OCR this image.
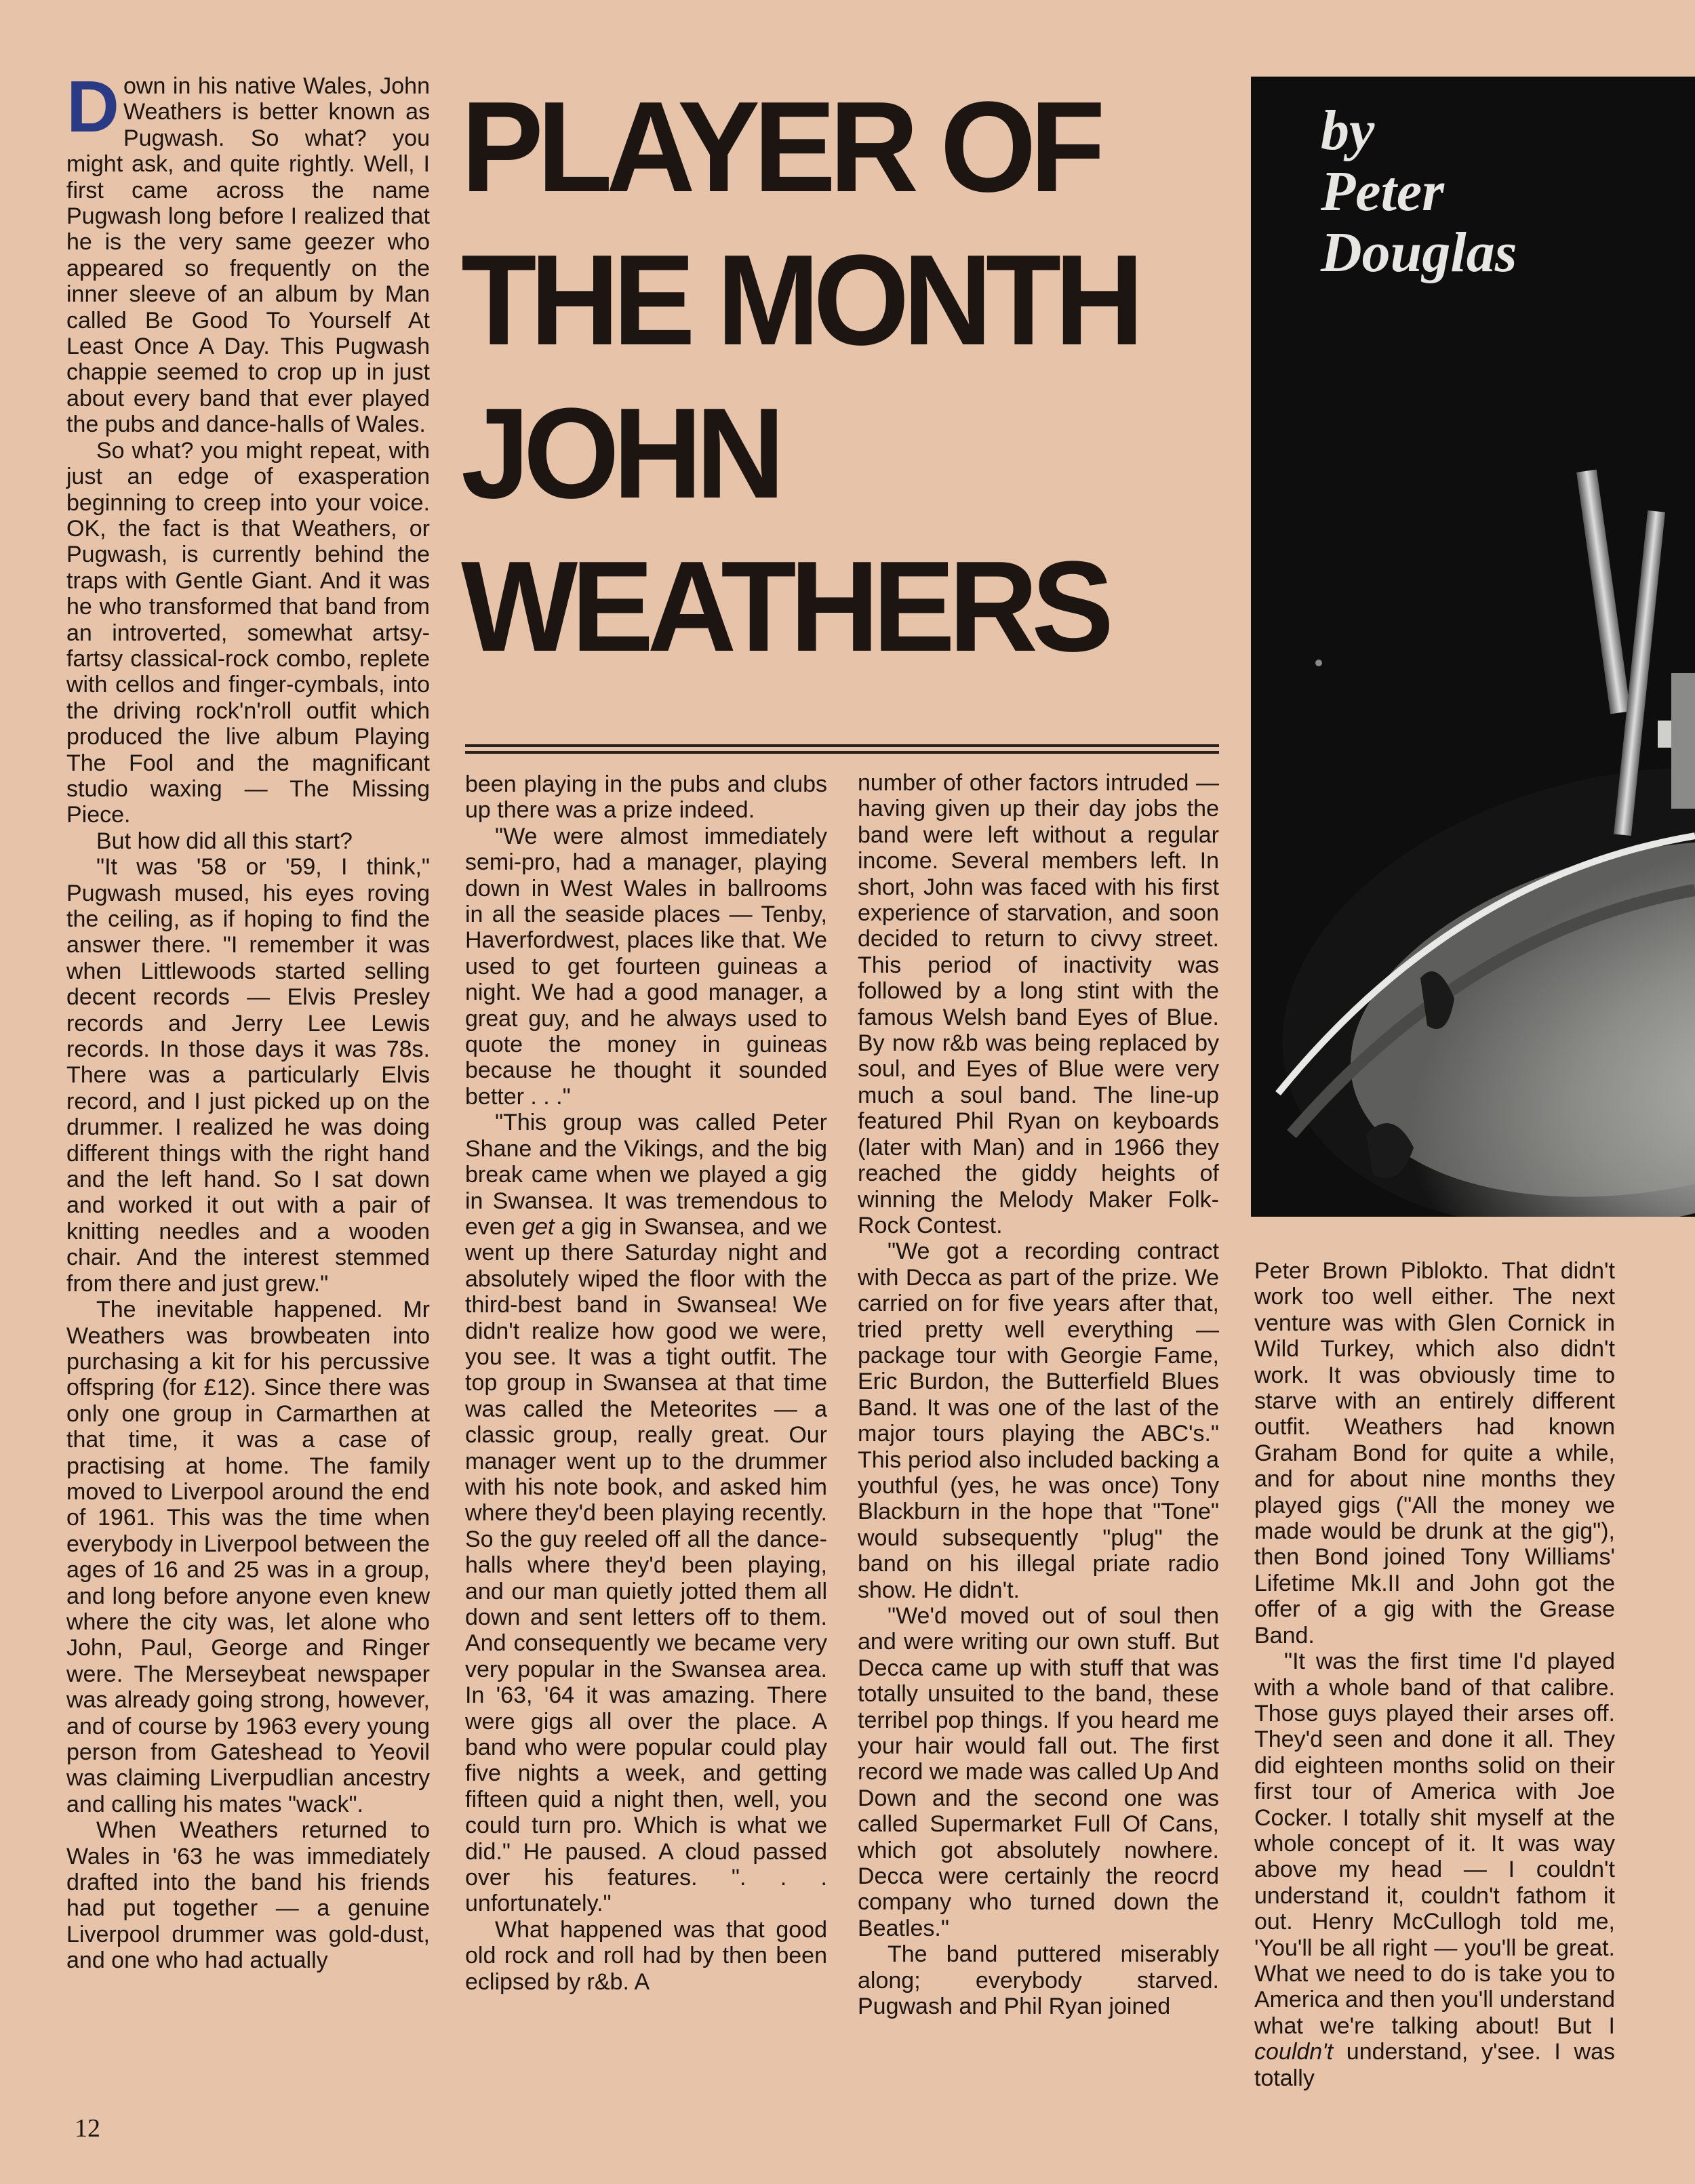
Down in his native Wales, John Weathers is better known as Pugwash. So what? you might ask, and quite rightly. Well, I first came across the name Pugwash long before I realized that he is the very same geezer who appeared so frequently on the inner sleeve of an album by Man called Be Good To Yourself At Least Once A Day. This Pugwash chappie seemed to crop up in just about every band that ever played the pubs and dance-halls of Wales.

So what? you might repeat, with just an edge of exasperation beginning to creep into your voice. OK, the fact is that Weathers, or Pugwash, is currently behind the traps with Gentle Giant. And it was he who transformed that band from an introverted, somewhat artsy-fartsy classical-rock combo, replete with cellos and finger-cymbals, into the driving rock'n'roll outfit which produced the live album Playing The Fool and the magnificant studio waxing — The Missing Piece.

But how did all this start?

"It was '58 or '59, I think," Pugwash mused, his eyes roving the ceiling, as if hoping to find the answer there. "I remember it was when Littlewoods started selling decent records — Elvis Presley records and Jerry Lee Lewis records. In those days it was 78s. There was a particularly Elvis record, and I just picked up on the drummer. I realized he was doing different things with the right hand and the left hand. So I sat down and worked it out with a pair of knitting needles and a wooden chair. And the interest stemmed from there and just grew."

The inevitable happened. Mr Weathers was browbeaten into purchasing a kit for his percussive offspring (for £12). Since there was only one group in Carmarthen at that time, it was a case of practising at home. The family moved to Liverpool around the end of 1961. This was the time when everybody in Liverpool between the ages of 16 and 25 was in a group, and long before anyone even knew where the city was, let alone who John, Paul, George and Ringer were. The Merseybeat newspaper was already going strong, however, and of course by 1963 every young person from Gateshead to Yeovil was claiming Liverpudlian ancestry and calling his mates "wack".

When Weathers returned to Wales in '63 he was immediately drafted into the band his friends had put together — a genuine Liverpool drummer was gold-dust, and one who had actually

PLAYER OF
THE MONTH
JOHN
WEATHERS

been playing in the pubs and clubs up there was a prize indeed.

"We were almost immediately semi-pro, had a manager, playing down in West Wales in ballrooms in all the seaside places — Tenby, Haverfordwest, places like that. We used to get fourteen guineas a night. We had a good manager, a great guy, and he always used to quote the money in guineas because he thought it sounded better . . ."

"This group was called Peter Shane and the Vikings, and the big break came when we played a gig in Swansea. It was tremendous to even get a gig in Swansea, and we went up there Saturday night and absolutely wiped the floor with the third-best band in Swansea! We didn't realize how good we were, you see. It was a tight outfit. The top group in Swansea at that time was called the Meteorites — a classic group, really great. Our manager went up to the drummer with his note book, and asked him where they'd been playing recently. So the guy reeled off all the dance-halls where they'd been playing, and our man quietly jotted them all down and sent letters off to them. And consequently we became very very popular in the Swansea area. In '63, '64 it was amazing. There were gigs all over the place. A band who were popular could play five nights a week, and getting fifteen quid a night then, well, you could turn pro. Which is what we did." He paused. A cloud passed over his features. ". . . unfortunately."

What happened was that good old rock and roll had by then been eclipsed by r&b. A

number of other factors intruded — having given up their day jobs the band were left without a regular income. Several members left. In short, John was faced with his first experience of starvation, and soon decided to return to civvy street. This period of inactivity was followed by a long stint with the famous Welsh band Eyes of Blue. By now r&b was being replaced by soul, and Eyes of Blue were very much a soul band. The line-up featured Phil Ryan on keyboards (later with Man) and in 1966 they reached the giddy heights of winning the Melody Maker Folk-Rock Contest.

"We got a recording contract with Decca as part of the prize. We carried on for five years after that, tried pretty well everything — package tour with Georgie Fame, Eric Burdon, the Butterfield Blues Band. It was one of the last of the major tours playing the ABC's." This period also included backing a youthful (yes, he was once) Tony Blackburn in the hope that "Tone" would subsequently "plug" the band on his illegal priate radio show. He didn't.

"We'd moved out of soul then and were writing our own stuff. But Decca came up with stuff that was totally unsuited to the band, these terribel pop things. If you heard me your hair would fall out. The first record we made was called Up And Down and the second one was called Supermarket Full Of Cans, which got absolutely nowhere. Decca were certainly the reocrd company who turned down the Beatles."

The band puttered miserably along; everybody starved. Pugwash and Phil Ryan joined

by
Peter
Douglas

Peter Brown Piblokto. That didn't work too well either. The next venture was with Glen Cornick in Wild Turkey, which also didn't work. It was obviously time to starve with an entirely different outfit. Weathers had known Graham Bond for quite a while, and for about nine months they played gigs ("All the money we made would be drunk at the gig"), then Bond joined Tony Williams' Lifetime Mk.II and John got the offer of a gig with the Grease Band.

"It was the first time I'd played with a whole band of that calibre. Those guys played their arses off. They'd seen and done it all. They did eighteen months solid on their first tour of America with Joe Cocker. I totally shit myself at the whole concept of it. It was way above my head — I couldn't understand it, couldn't fathom it out. Henry McCullogh told me, 'You'll be all right — you'll be great. What we need to do is take you to America and then you'll understand what we're talking about! But I couldn't understand, y'see. I was totally

12
